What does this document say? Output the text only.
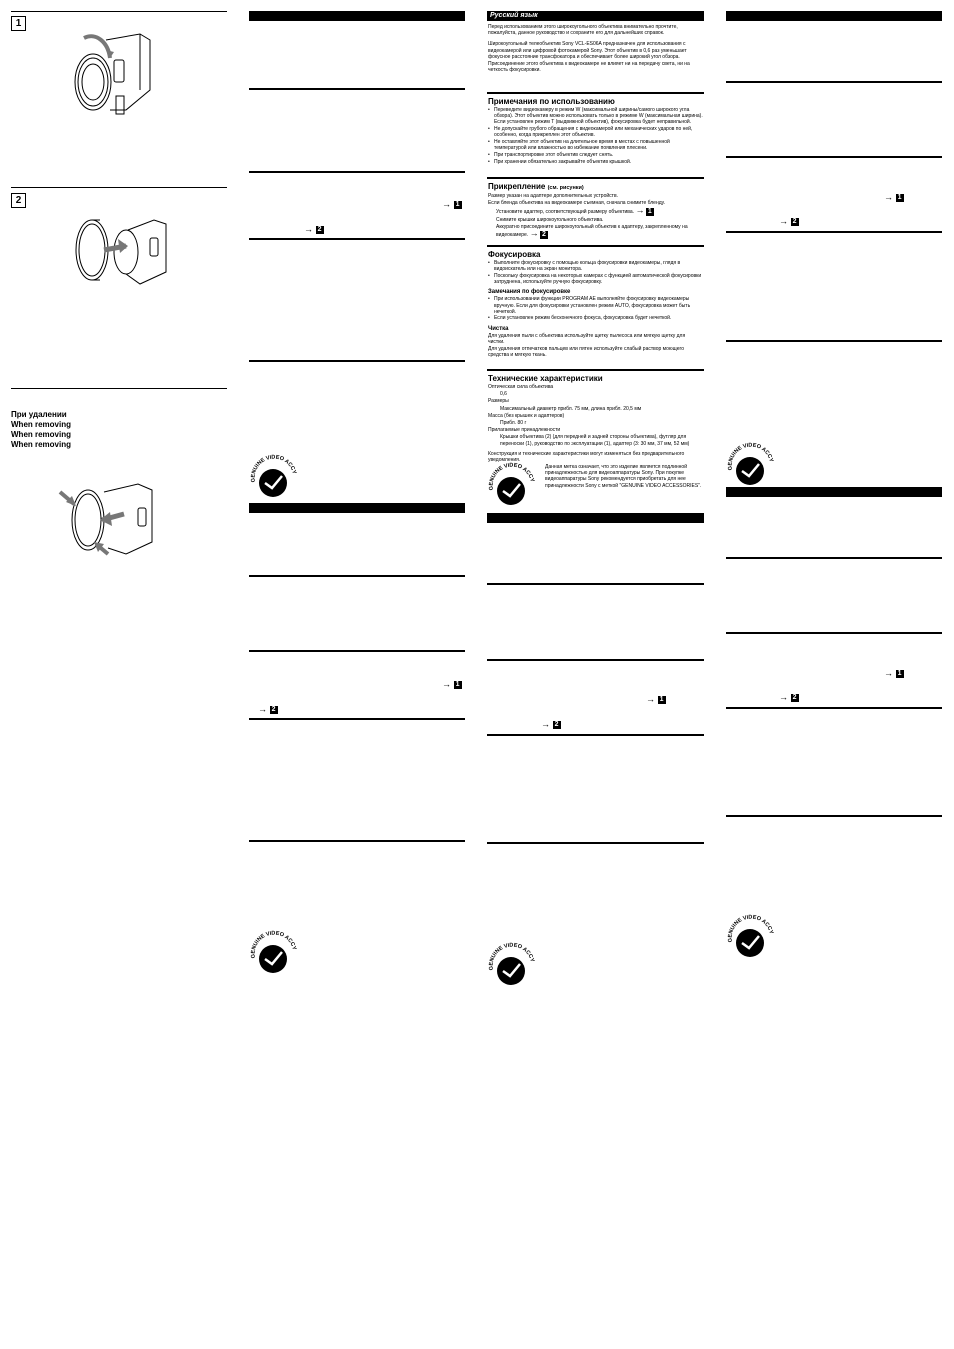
1
2
При удалении
When removing
When removing
When removing
→ 1
→ 2
GENUINE VIDEO ACCY
→ 1
→ 2
GENUINE VIDEO ACCY
Русский язык

Перед использованием этого широкоугольного объектива внимательно прочтите, пожалуйста, данное руководство и сохраните его для дальнейших справок.

Широкоугольный телеобъектив Sony VCL-ES06A предназначен для использования с видеокамерой или цифровой фотокамерой Sony. Этот объектив в 0,6 раз уменьшает фокусное расстояние трансфокатора и обеспечивает более широкий угол обзора.

Присоединение этого объектива к видеокамере не влияет ни на передачу света, ни на четкость фокусировки.

Примечания по использованию
• Переведите видеокамеру в режим W (максимальной ширины/самого широкого угла обзора). Этот объектив можно использовать только в режиме W (максимальная ширина). Если установлен режим T (выдвижной объектив), фокусировка будет неправильной.
• Не допускайте грубого обращения с видеокамерой или механических ударов по ней, особенно, когда прикреплен этот объектив.
• Не оставляйте этот объектив на длительное время в местах с повышенной температурой или влажностью во избежание появления плесени.
• При транспортировке этот объектив следует снять.
• При хранении обязательно закрывайте объектив крышкой.
Прикрепление (см. рисунки)

Размер указан на адаптере дополнительных устройств.

Если бленда объектива на видеокамере съемная, сначала снимите бленду.

Установите адаптер, соответствующий размеру объектива. → 1

Снимите крышки широкоугольного объектива.

Аккуратно присоедините широкоугольный объектив к адаптеру, закрепленному на видеокамере. → 2

Фокусировка
• Выполните фокусировку с помощью кольца фокусировки видеокамеры, глядя в видоискатель или на экран монитора.
• Поскольку фокусировка на некоторых камерах с функцией автоматической фокусировки затруднена, используйте ручную фокусировку.
Замечания по фокусировке
• При использовании функции PROGRAM AE выполняйте фокусировку видеокамеры вручную. Если для фокусировки установлен режим AUTO, фокусировка может быть нечеткой.
• Если установлен режим бесконечного фокуса, фокусировка будет нечеткой.
Чистка

Для удаления пыли с объектива используйте щетку пылесоса или мягкую щетку для чистки.

Для удаления отпечатков пальцев или пятен используйте слабый раствор моющего средства и мягкую ткань.

Технические характеристики

Оптическая сила объектива

0,6

Размеры

Максимальный диаметр прибл. 75 мм, длина прибл. 20,5 мм

Масса (без крышек и адаптеров)

Прибл. 80 г

Прилагаемые принадлежности

Крышки объектива (2) (для передней и задней стороны объектива), футляр для переноски (1), руководство по эксплуатации (1), адаптер (3: 30 мм, 37 мм, 52 мм)

Конструкция и технические характеристики могут изменяться без предварительного уведомления.

GENUINE VIDEO ACCY

Данная метка означает, что это изделие является подлинной принадлежностью для видеоаппаратуры Sony. При покупке видеоаппаратуры Sony рекомендуется приобретать для нее принадлежности Sony с меткой "GENUINE VIDEO ACCESSORIES".

→ 1
→ 2
GENUINE VIDEO ACCY
→ 1
→ 2
GENUINE VIDEO ACCY
→ 1
→ 2
GENUINE VIDEO ACCY
